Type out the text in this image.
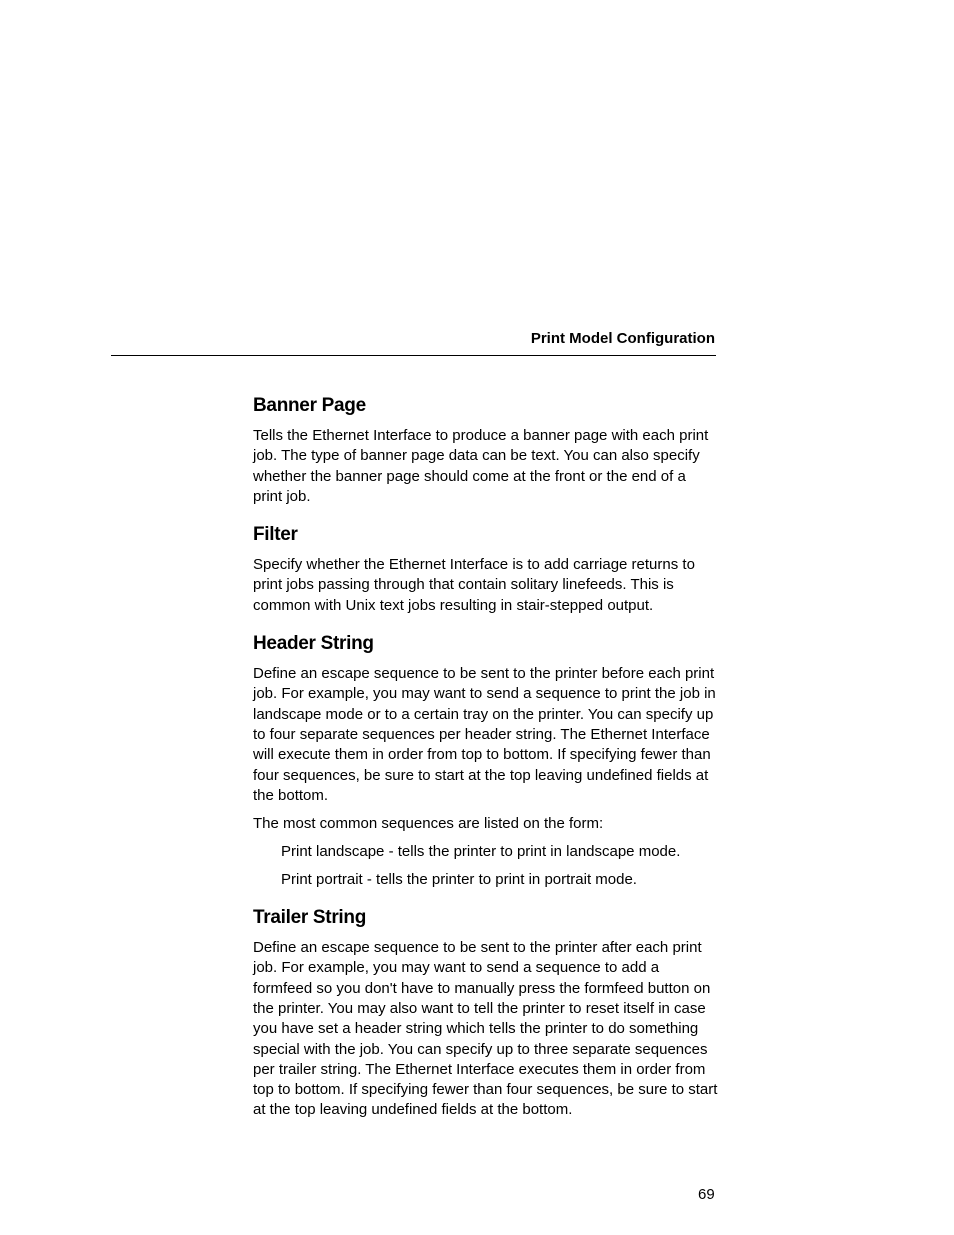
Print Model Configuration
Banner Page

Tells the Ethernet Interface to produce a banner page with each print job. The type of banner page data can be text. You can also specify whether the banner page should come at the front or the end of a print job.

Filter

Specify whether the Ethernet Interface is to add carriage returns to print jobs passing through that contain solitary linefeeds. This is common with Unix text jobs resulting in stair-stepped output.

Header String

Define an escape sequence to be sent to the printer before each print job. For example, you may want to send a sequence to print the job in landscape mode or to a certain tray on the printer. You can specify up to four separate sequences per header string. The Ethernet Interface will execute them in order from top to bottom. If specifying fewer than four sequences, be sure to start at the top leaving undefined fields at the bottom.

The most common sequences are listed on the form:

Print landscape - tells the printer to print in landscape mode.

Print portrait - tells the printer to print in portrait mode.

Trailer String

Define an escape sequence to be sent to the printer after each print job. For example, you may want to send a sequence to add a formfeed so you don't have to manually press the formfeed button on the printer. You may also want to tell the printer to reset itself in case you have set a header string which tells the printer to do something special with the job. You can specify up to three separate sequences per trailer string. The Ethernet Interface executes them in order from top to bottom. If specifying fewer than four sequences, be sure to start at the top leaving undefined fields at the bottom.

69
